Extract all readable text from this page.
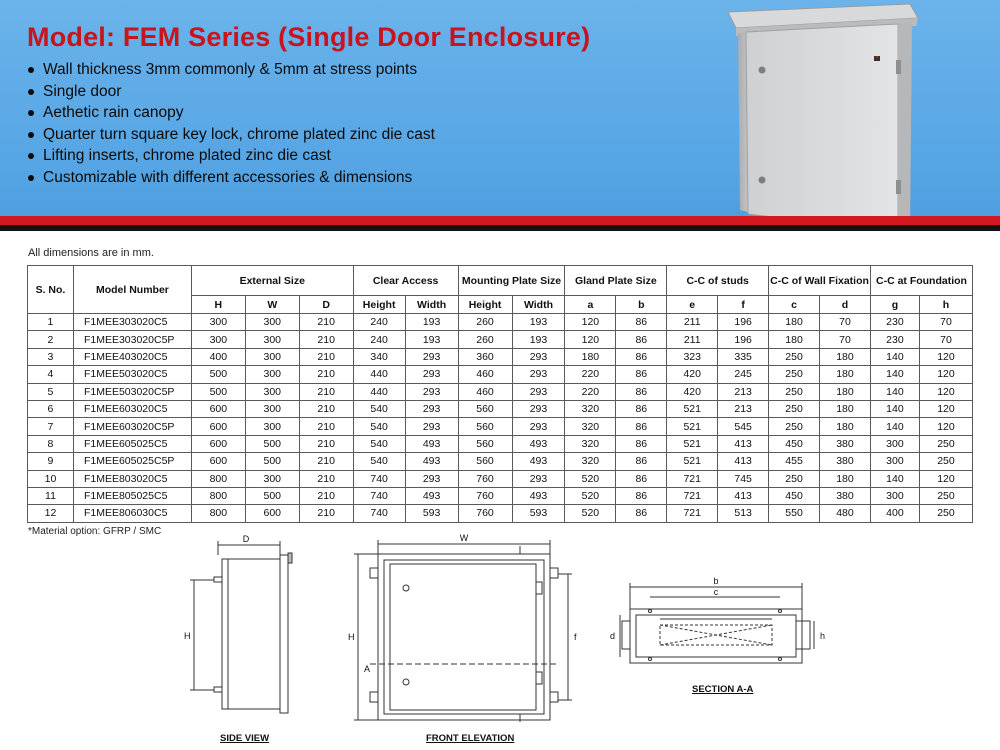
Model: FEM Series (Single Door Enclosure)
Wall thickness 3mm commonly & 5mm at stress points
Single door
Aethetic rain canopy
Quarter turn square key lock, chrome plated zinc die cast
Lifting inserts, chrome plated zinc die cast
Customizable with different accessories & dimensions
All dimensions are in mm.
S. No.	Model Number	External Size			Clear Access		Mounting Plate Size		Gland Plate Size		C-C of studs		C-C of Wall Fixation		C-C at Foundation	
		H	W	D	Height	Width	Height	Width	a	b	e	f	c	d	g	h
1	F1MEE303020C5	300	300	210	240	193	260	193	120	86	211	196	180	70	230	70
2	F1MEE303020C5P	300	300	210	240	193	260	193	120	86	211	196	180	70	230	70
3	F1MEE403020C5	400	300	210	340	293	360	293	180	86	323	335	250	180	140	120
4	F1MEE503020C5	500	300	210	440	293	460	293	220	86	420	245	250	180	140	120
5	F1MEE503020C5P	500	300	210	440	293	460	293	220	86	420	213	250	180	140	120
6	F1MEE603020C5	600	300	210	540	293	560	293	320	86	521	213	250	180	140	120
7	F1MEE603020C5P	600	300	210	540	293	560	293	320	86	521	545	250	180	140	120
8	F1MEE605025C5	600	500	210	540	493	560	493	320	86	521	413	450	380	300	250
9	F1MEE605025C5P	600	500	210	540	493	560	493	320	86	521	413	455	380	300	250
10	F1MEE803020C5	800	300	210	740	293	760	293	520	86	721	745	250	180	140	120
11	F1MEE805025C5	800	500	210	740	493	760	493	520	86	721	413	450	380	300	250
12	F1MEE806030C5	800	600	210	740	593	760	593	520	86	721	513	550	480	400	250
*Material option: GFRP / SMC
D
H
SIDE VIEW
W
H	f
A
FRONT ELEVATION
b
c
d	h
SECTION A-A
